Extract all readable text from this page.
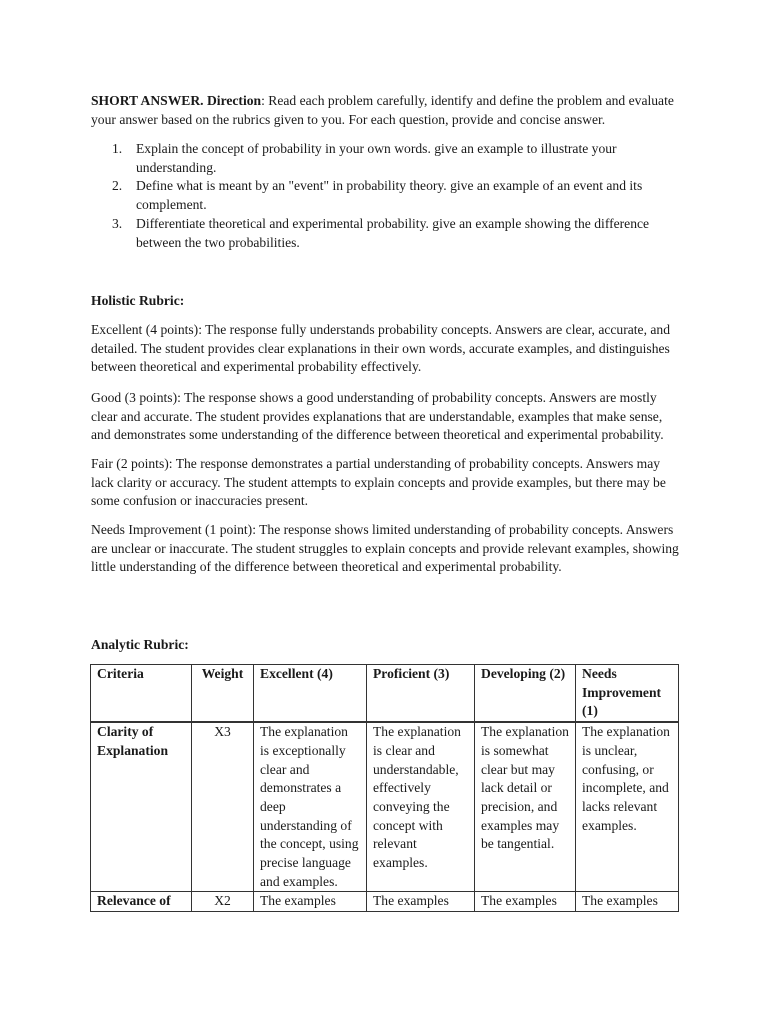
SHORT ANSWER. Direction: Read each problem carefully, identify and define the problem and evaluate your answer based on the rubrics given to you. For each question, provide and concise answer.

1. Explain the concept of probability in your own words. give an example to illustrate your understanding.
2. Define what is meant by an "event" in probability theory. give an example of an event and its complement.
3. Differentiate theoretical and experimental probability. give an example showing the difference between the two probabilities.

Holistic Rubric:

Excellent (4 points): The response fully understands probability concepts. Answers are clear, accurate, and detailed. The student provides clear explanations in their own words, accurate examples, and distinguishes between theoretical and experimental probability effectively.

Good (3 points): The response shows a good understanding of probability concepts. Answers are mostly clear and accurate. The student provides explanations that are understandable, examples that make sense, and demonstrates some understanding of the difference between theoretical and experimental probability.

Fair (2 points): The response demonstrates a partial understanding of probability concepts. Answers may lack clarity or accuracy. The student attempts to explain concepts and provide examples, but there may be some confusion or inaccuracies present.

Needs Improvement (1 point): The response shows limited understanding of probability concepts. Answers are unclear or inaccurate. The student struggles to explain concepts and provide relevant examples, showing little understanding of the difference between theoretical and experimental probability.

Analytic Rubric:

Criteria	Weight	Excellent (4)	Proficient (3)	Developing (2)	Needs Improvement (1)
Clarity of Explanation	X3	The explanation is exceptionally clear and demonstrates a deep understanding of the concept, using precise language and examples.	The explanation is clear and understandable, effectively conveying the concept with relevant examples.	The explanation is somewhat clear but may lack detail or precision, and examples may be tangential.	The explanation is unclear, confusing, or incomplete, and lacks relevant examples.
Relevance of	X2	The examples	The examples	The examples	The examples
